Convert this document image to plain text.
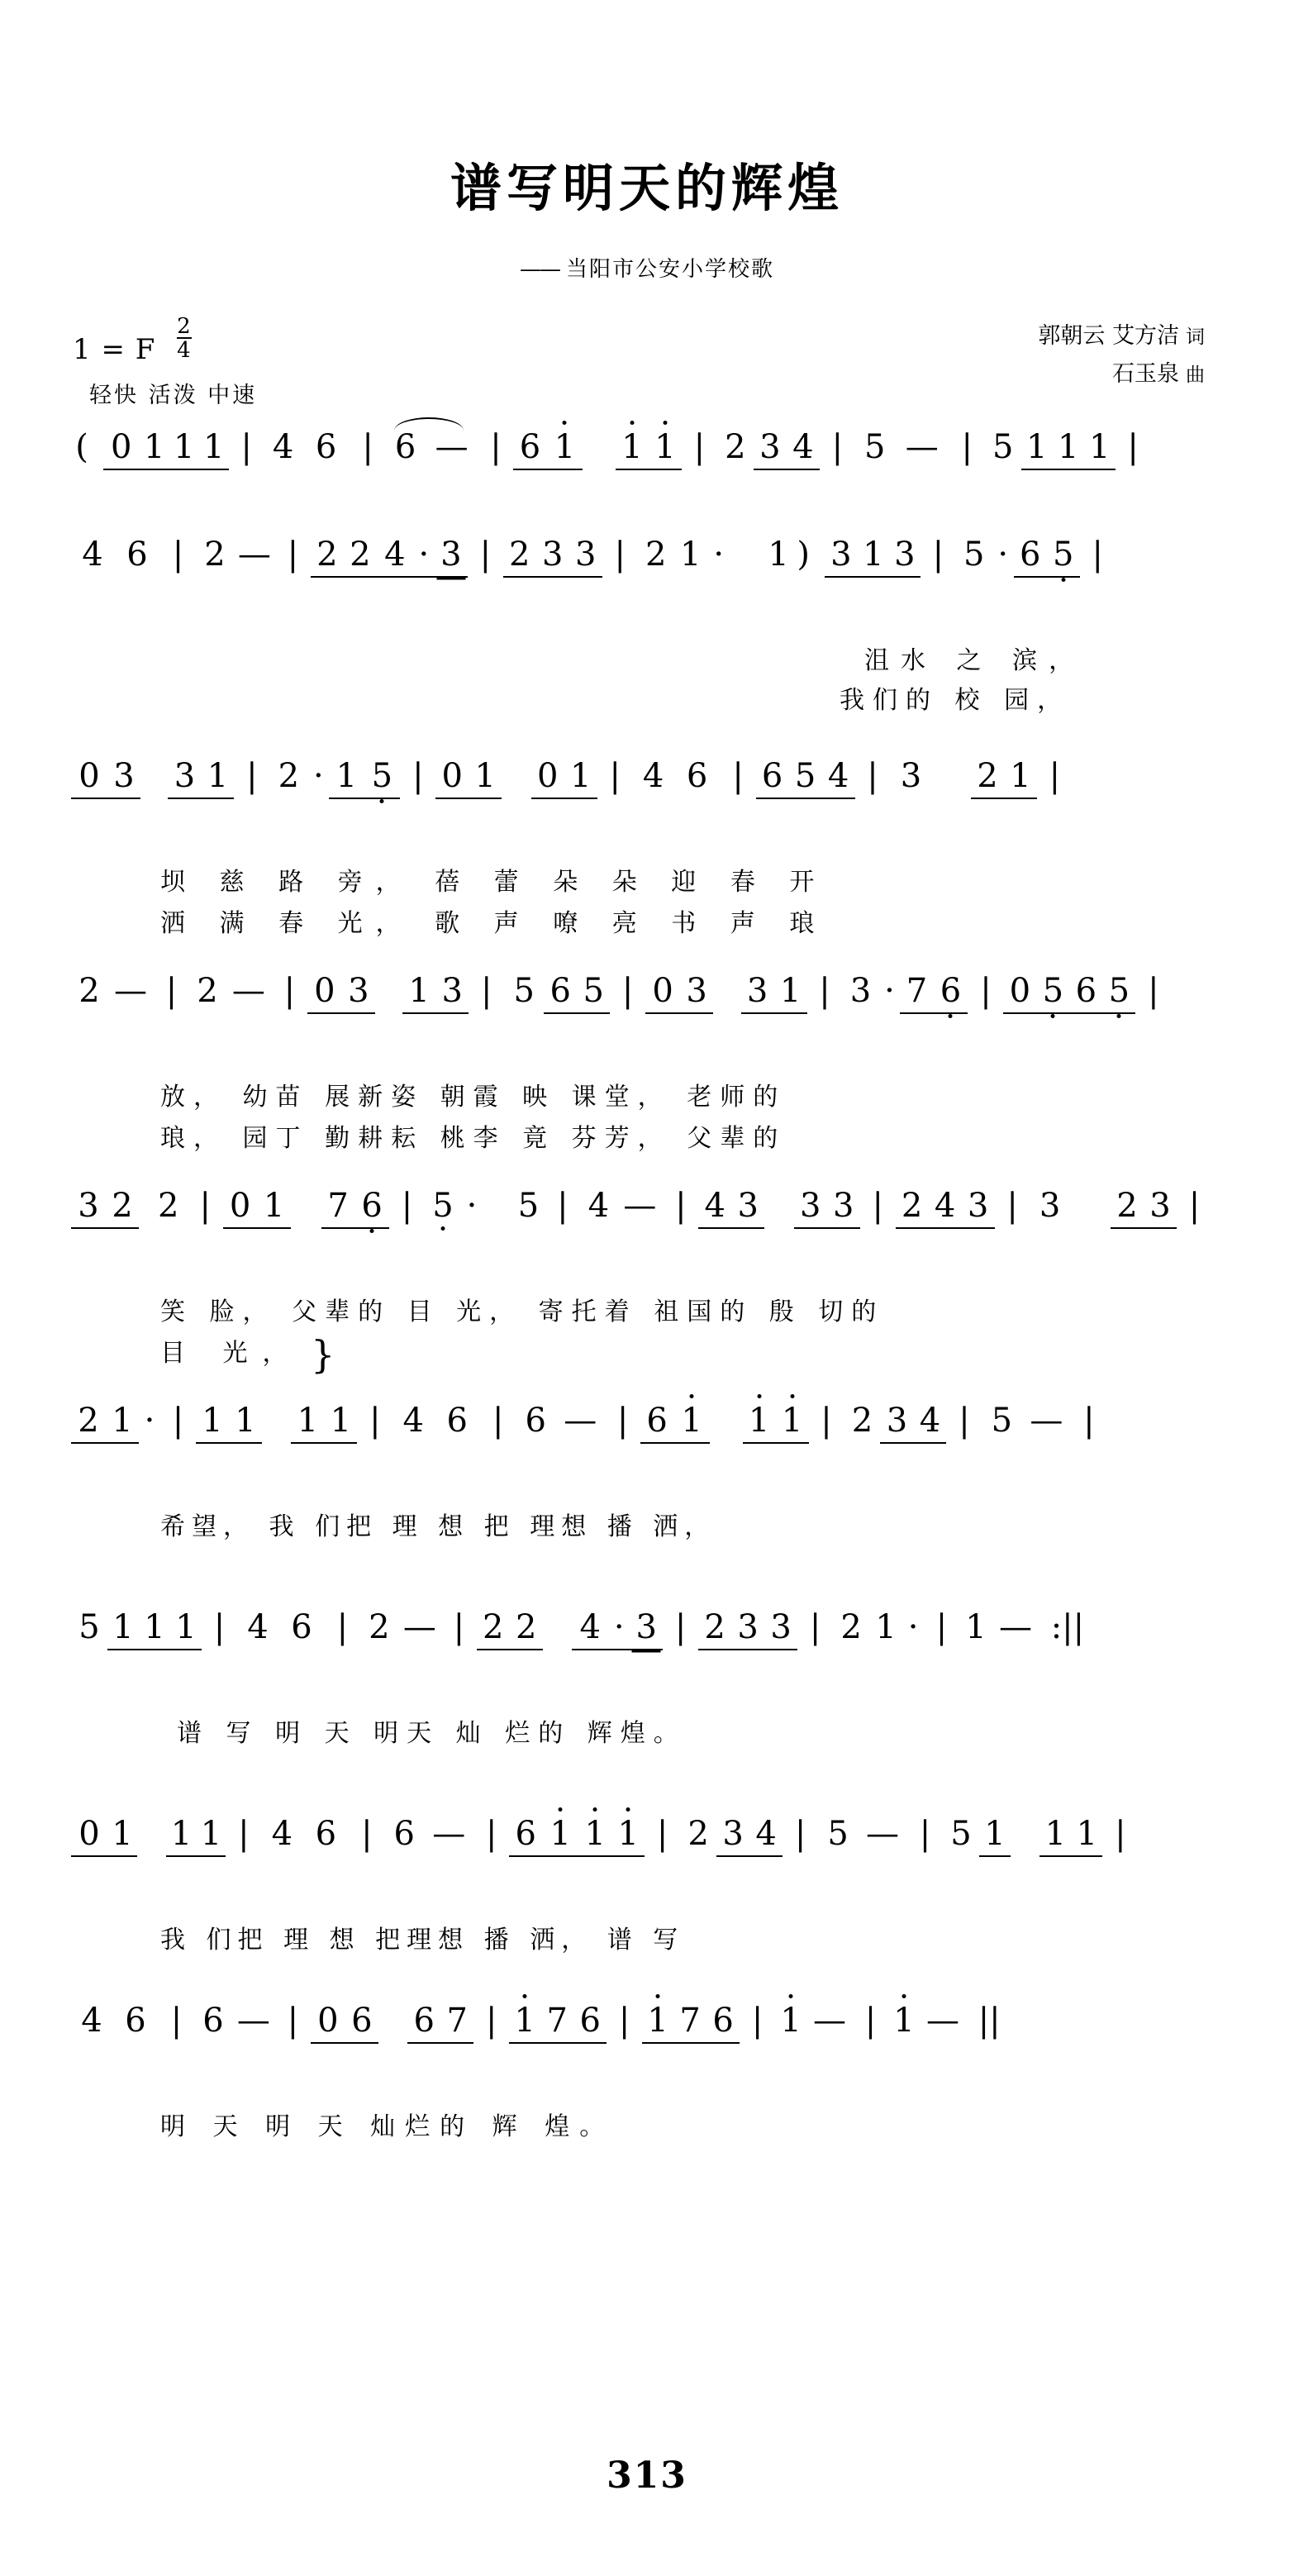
谱写明天的辉煌
—— 当阳市公安小学校歌
1 = F $\frac{2}{4}$	郭朝云 艾方洁 词
石玉泉 曲
轻快 活泼 中速
( 0 1 1 1 | 4 6 | 6 — | 6 1 1 1 | 2 3 4 | 5 — | 5 1 1 1 |
4 6 | 2 — | 2 2 4 · 3 | 2 3 3 | 2 1 · 1 ) 3 1 3 | 5 · 6 5 |
沮水 之 滨，
我们的 校 园，
0 3 3 1 | 2 · 1 5 | 0 1 0 1 | 4 6 | 6 5 4 | 3 2 1 |
坝 慈 路 旁， 蓓 蕾 朵 朵 迎 春 开
洒 满 春 光， 歌 声 嘹 亮 书 声 琅
2 — | 2 — | 0 3 1 3 | 5 6 5 | 0 3 3 1 | 3 · 7 6 | 0 5 6 5 |
放， 幼苗 展新姿 朝霞 映 课堂， 老师的
琅， 园丁 勤耕耘 桃李 竟 芬芳， 父辈的
3 2 2 | 0 1 7 6 | 5 · 5 | 4 — | 4 3 3 3 | 2 4 3 | 3 2 3 |
笑 脸， 父辈的 目 光， 寄托着 祖国的 殷 切的
目 光， }
2 1 · | 1 1 1 1 | 4 6 | 6 — | 6 1 1 1 | 2 3 4 | 5 — |
希望， 我 们把 理 想 把 理想 播 洒，
5 1 1 1 | 4 6 | 2 — | 2 2 4 · 3 | 2 3 3 | 2 1 · | 1 — :||
谱 写 明 天 明天 灿 烂的 辉煌。
0 1 1 1 | 4 6 | 6 — | 6 1 1 1 | 2 3 4 | 5 — | 5 1 1 1 |
我 们把 理 想 把理想 播 洒， 谱 写
4 6 | 6 — | 0 6 6 7 | 1 7 6 | 1 7 6 | 1 — | 1 — ||
明 天 明 天 灿烂的 辉 煌。
313
